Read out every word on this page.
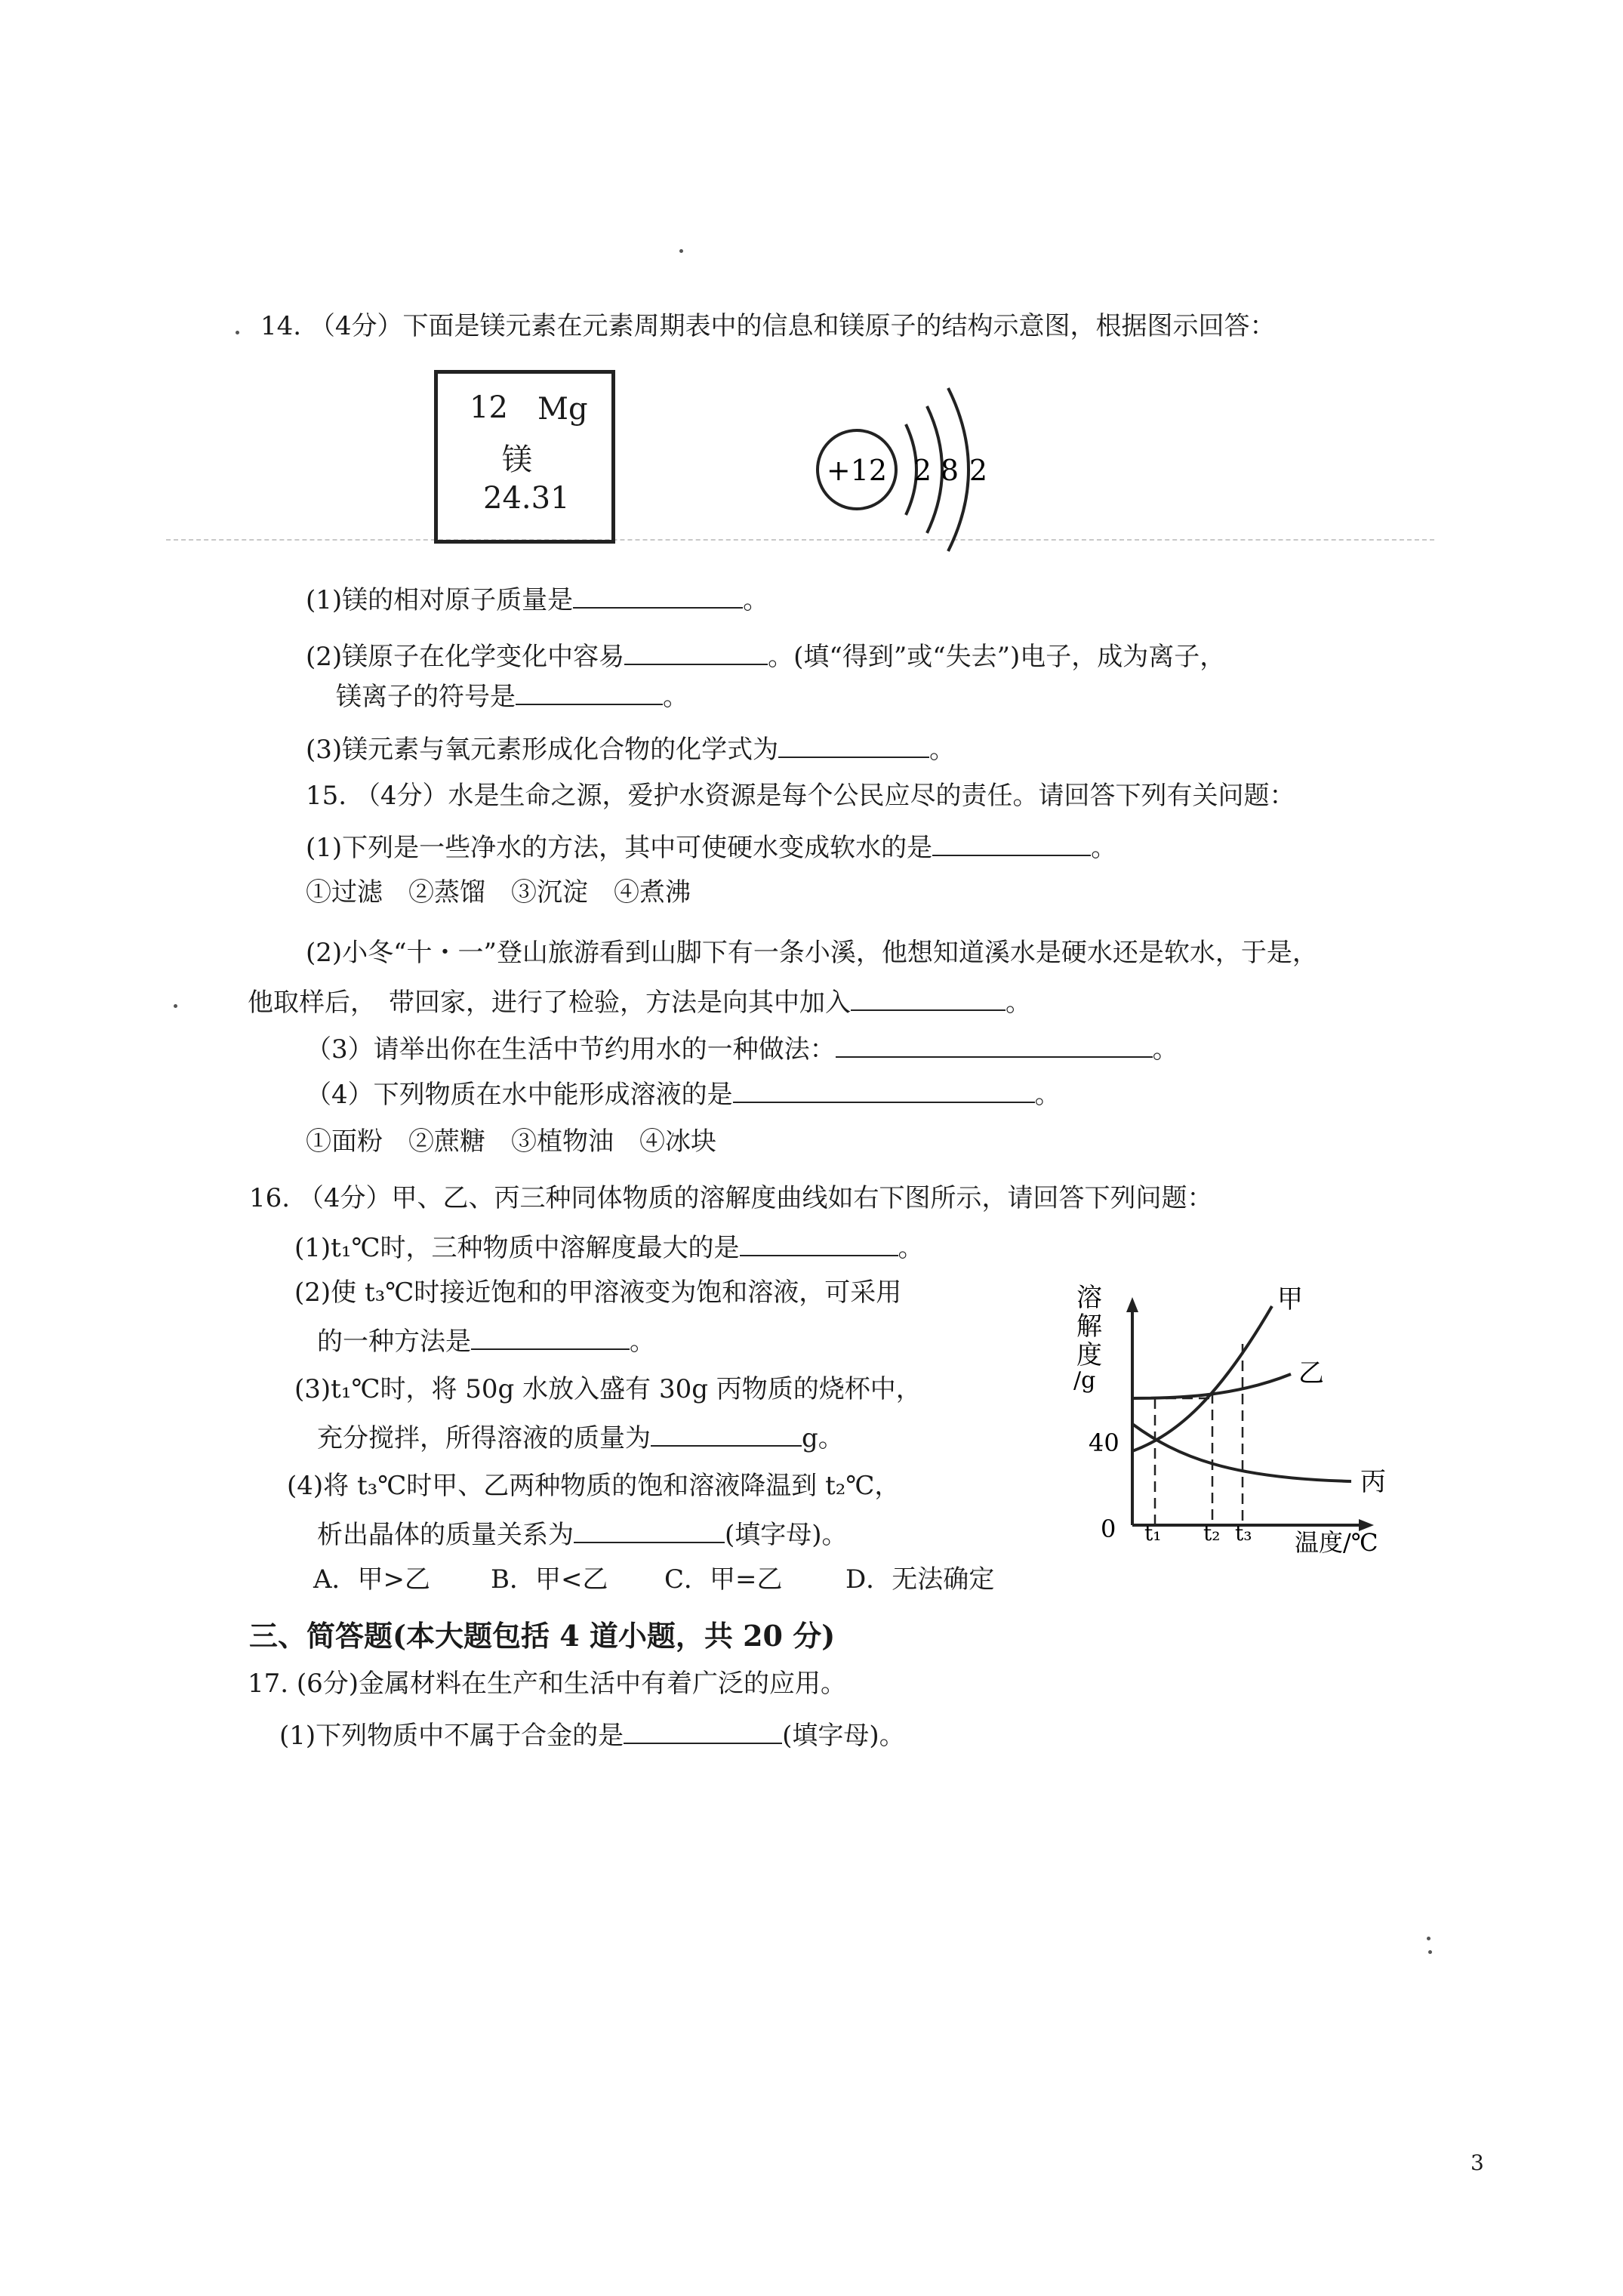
14. （4分）下面是镁元素在元素周期表中的信息和镁原子的结构示意图，根据图示回答：
12 Mg
镁
24.31
+12 2 8 2
(1)镁的相对原子质量是	。
(2)镁原子在化学变化中容易	。(填“得到”或“失去”)电子，成为离子，
镁离子的符号是	。
(3)镁元素与氧元素形成化合物的化学式为	。
15. （4分）水是生命之源，爱护水资源是每个公民应尽的责任。请回答下列有关问题：
(1)下列是一些净水的方法，其中可使硬水变成软水的是	。
①过滤　②蒸馏　③沉淀　④煮沸
(2)小冬“十・一”登山旅游看到山脚下有一条小溪，他想知道溪水是硬水还是软水，于是，
他取样后，　带回家，进行了检验，方法是向其中加入	。
（3）请举出你在生活中节约用水的一种做法：	。
（4）下列物质在水中能形成溶液的是	。
①面粉　②蔗糖　③植物油　④冰块
16. （4分）甲、乙、丙三种同体物质的溶解度曲线如右下图所示，请回答下列问题：
(1)t₁℃时，三种物质中溶解度最大的是	。
(2)使 t₃℃时接近饱和的甲溶液变为饱和溶液，可采用
的一种方法是	。
(3)t₁℃时，将 50g 水放入盛有 30g 丙物质的烧杯中，
充分搅拌，所得溶液的质量为	g。
(4)将 t₃℃时甲、乙两种物质的饱和溶液降温到 t₂℃，
析出晶体的质量关系为	(填字母)。
A．甲>乙 B．甲<乙 C．甲=乙 D．无法确定
溶
解
度
/g
0
40
甲
乙
丙
t₁ t₂ t₃ 温度/℃
三、简答题(本大题包括 4 道小题，共 20 分)
17. (6分)金属材料在生产和生活中有着广泛的应用。
(1)下列物质中不属于合金的是	(填字母)。
3
